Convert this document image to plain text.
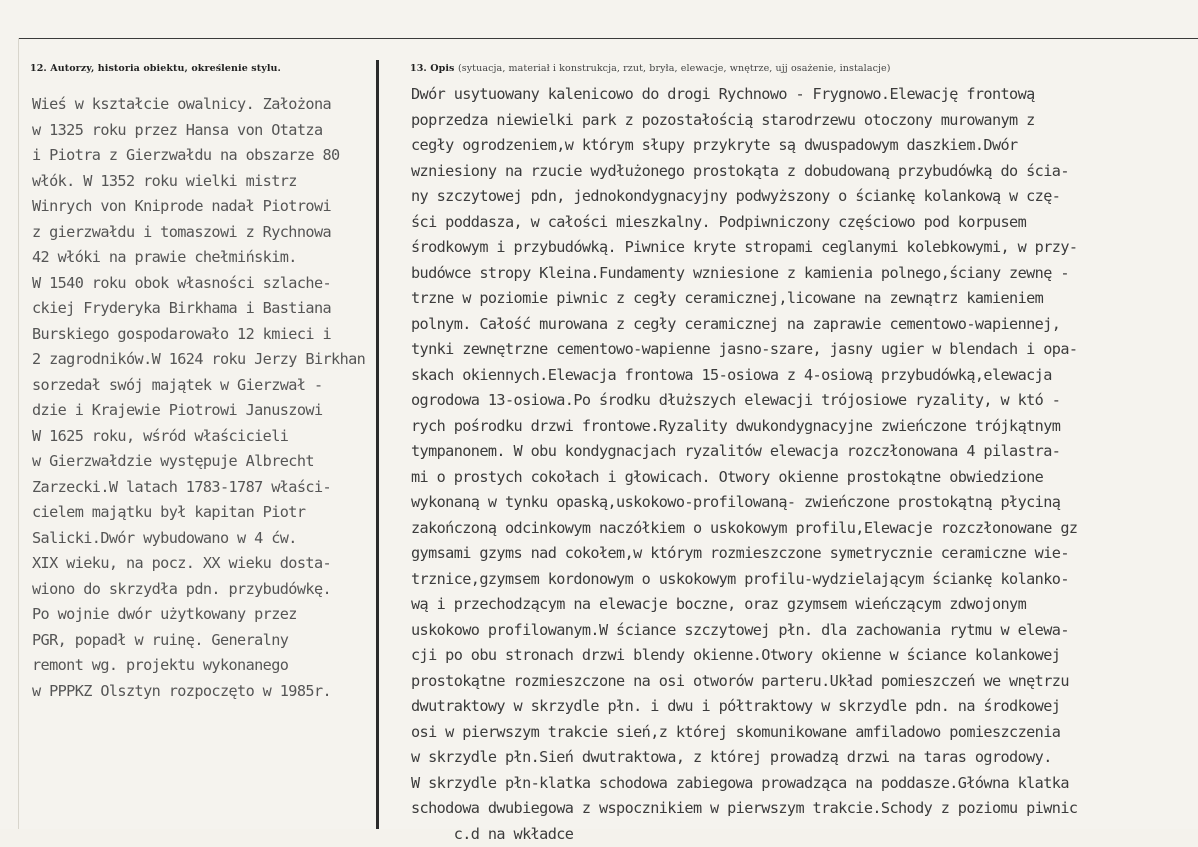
12. Autorzy, historia obiektu, określenie stylu.	13. Opis (sytuacja, materiał i konstrukcja, rzut, bryła, elewacje, wnętrze, ujj osażenie, instalacje)
Wieś w kształcie owalnicy. Założona
w 1325 roku przez Hansa von Otatza
i Piotra z Gierzwałdu na obszarze 80
włók. W 1352 roku wielki mistrz
Winrych von Kniprode nadał Piotrowi
z gierzwałdu i tomaszowi z Rychnowa
42 włóki na prawie chełmińskim.
W 1540 roku obok własności szlache-
ckiej Fryderyka Birkhama i Bastiana
Burskiego gospodarowało 12 kmieci i
2 zagrodników.W 1624 roku Jerzy Birkhan
sorzedał swój majątek w Gierzwał -
dzie i Krajewie Piotrowi Januszowi
W 1625 roku, wśród właścicieli
w Gierzwałdzie występuje Albrecht
Zarzecki.W latach 1783-1787 właści-
cielem majątku był kapitan Piotr
Salicki.Dwór wybudowano w 4 ćw.
XIX wieku, na pocz. XX wieku dosta-
wiono do skrzydła pdn. przybudówkę.
Po wojnie dwór użytkowany przez
PGR, popadł w ruinę. Generalny
remont wg. projektu wykonanego
w PPPKZ Olsztyn rozpoczęto w 1985r.
Dwór usytuowany kalenicowo do drogi Rychnowo - Frygnowo.Elewację frontową
poprzedza niewielki park z pozostałością starodrzewu otoczony murowanym z
cegły ogrodzeniem,w którym słupy przykryte są dwuspadowym daszkiem.Dwór
wzniesiony na rzucie wydłużonego prostokąta z dobudowaną przybudówką do ścia-
ny szczytowej pdn, jednokondygnacyjny podwyższony o ściankę kolankową w czę-
ści poddasza, w całości mieszkalny. Podpiwniczony częściowo pod korpusem
środkowym i przybudówką. Piwnice kryte stropami ceglanymi kolebkowymi, w przy-
budówce stropy Kleina.Fundamenty wzniesione z kamienia polnego,ściany zewnę -
trzne w poziomie piwnic z cegły ceramicznej,licowane na zewnątrz kamieniem
polnym. Całość murowana z cegły ceramicznej na zaprawie cementowo-wapiennej,
tynki zewnętrzne cementowo-wapienne jasno-szare, jasny ugier w blendach i opa-
skach okiennych.Elewacja frontowa 15-osiowa z 4-osiową przybudówką,elewacja
ogrodowa 13-osiowa.Po środku dłuższych elewacji trójosiowe ryzality, w któ -
rych pośrodku drzwi frontowe.Ryzality dwukondygnacyjne zwieńczone trójkątnym
tympanonem. W obu kondygnacjach ryzalitów elewacja rozczłonowana 4 pilastra-
mi o prostych cokołach i głowicach. Otwory okienne prostokątne obwiedzione
wykonaną w tynku opaską,uskokowo-profilowaną- zwieńczone prostokątną płyciną
zakończoną odcinkowym naczółkiem o uskokowym profilu,Elewacje rozczłonowane gz
gymsami gzyms nad cokołem,w którym rozmieszczone symetrycznie ceramiczne wie-
trznice,gzymsem kordonowym o uskokowym profilu-wydzielającym ściankę kolanko-
wą i przechodzącym na elewacje boczne, oraz gzymsem wieńczącym zdwojonym
uskokowo profilowanym.W ściance szczytowej płn. dla zachowania rytmu w elewa-
cji po obu stronach drzwi blendy okienne.Otwory okienne w ściance kolankowej
prostokątne rozmieszczone na osi otworów parteru.Układ pomieszczeń we wnętrzu
dwutraktowy w skrzydle płn. i dwu i półtraktowy w skrzydle pdn. na środkowej
osi w pierwszym trakcie sień,z której skomunikowane amfiladowo pomieszczenia
w skrzydle płn.Sień dwutraktowa, z której prowadzą drzwi na taras ogrodowy.
W skrzydle płn-klatka schodowa zabiegowa prowadząca na poddasze.Główna klatka
schodowa dwubiegowa z wspocznikiem w pierwszym trakcie.Schody z poziomu piwnic
c.d na wkładce
